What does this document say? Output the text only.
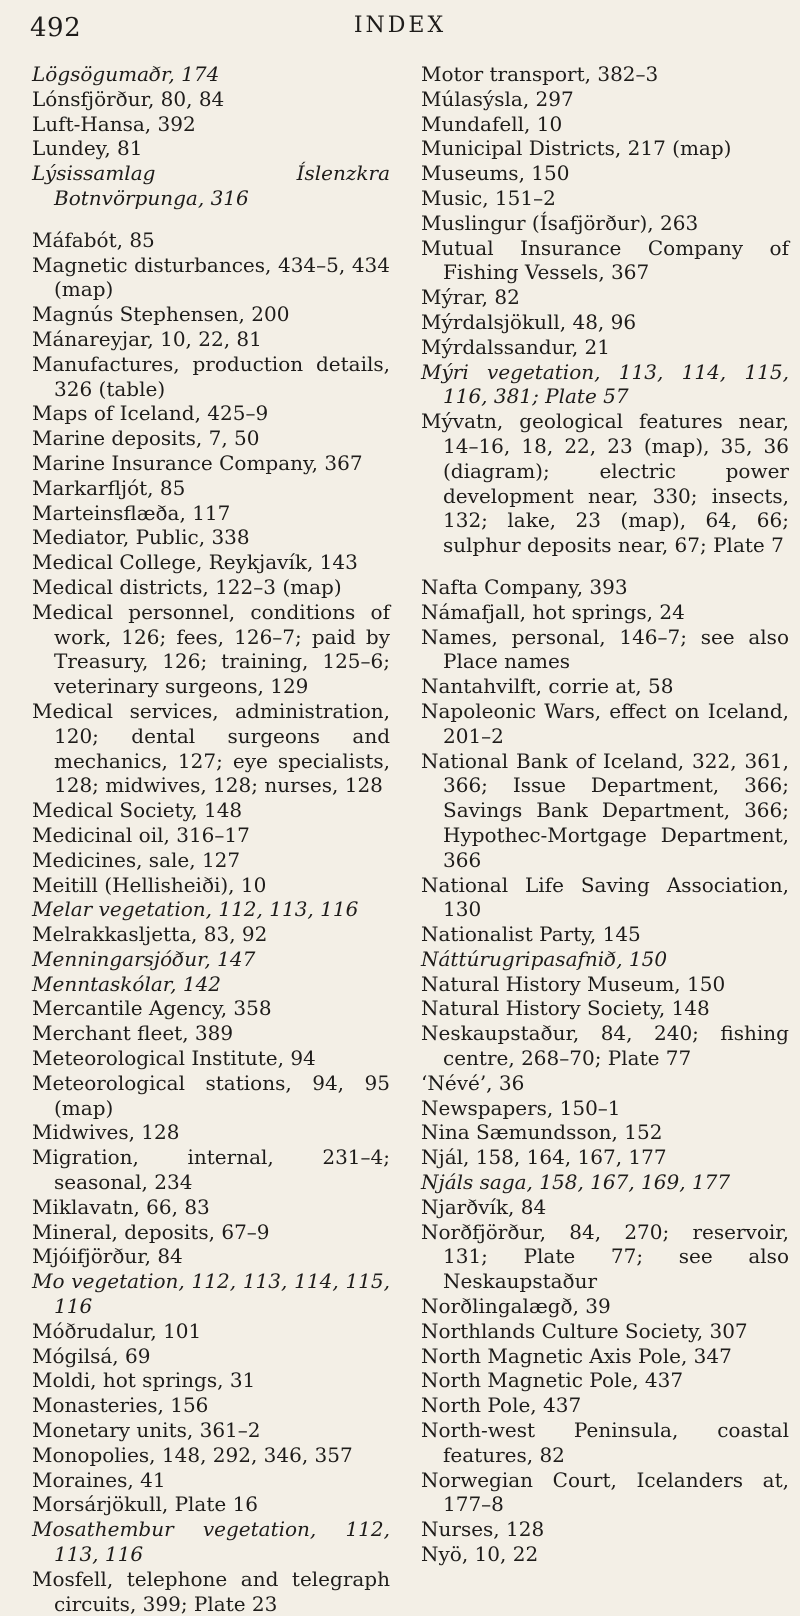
492	INDEX

Lögsögumaðr, 174

Lónsfjörður, 80, 84

Luft-Hansa, 392

Lundey, 81

Lýsissamlag Íslenzkra Botnvörpunga, 316

Máfabót, 85

Magnetic disturbances, 434–5, 434 (map)

Magnús Stephensen, 200

Mánareyjar, 10, 22, 81

Manufactures, production details, 326 (table)

Maps of Iceland, 425–9

Marine deposits, 7, 50

Marine Insurance Company, 367

Markarfljót, 85

Marteinsflæða, 117

Mediator, Public, 338

Medical College, Reykjavík, 143

Medical districts, 122–3 (map)

Medical personnel, conditions of work, 126; fees, 126–7; paid by Treasury, 126; training, 125–6; veterinary surgeons, 129

Medical services, administration, 120; dental surgeons and mechanics, 127; eye specialists, 128; midwives, 128; nurses, 128

Medical Society, 148

Medicinal oil, 316–17

Medicines, sale, 127

Meitill (Hellisheiði), 10

Melar vegetation, 112, 113, 116

Melrakkasljetta, 83, 92

Menningarsjóður, 147

Menntaskólar, 142

Mercantile Agency, 358

Merchant fleet, 389

Meteorological Institute, 94

Meteorological stations, 94, 95 (map)

Midwives, 128

Migration, internal, 231–4; seasonal, 234

Miklavatn, 66, 83

Mineral, deposits, 67–9

Mjóifjörður, 84

Mo vegetation, 112, 113, 114, 115, 116

Móðrudalur, 101

Mógilsá, 69

Moldi, hot springs, 31

Monasteries, 156

Monetary units, 361–2

Monopolies, 148, 292, 346, 357

Moraines, 41

Morsárjökull, Plate 16

Mosathembur vegetation, 112, 113, 116

Mosfell, telephone and telegraph circuits, 399; Plate 23

Motor transport, 382–3

Múlasýsla, 297

Mundafell, 10

Municipal Districts, 217 (map)

Museums, 150

Music, 151–2

Muslingur (Ísafjörður), 263

Mutual Insurance Company of Fishing Vessels, 367

Mýrar, 82

Mýrdalsjökull, 48, 96

Mýrdalssandur, 21

Mýri vegetation, 113, 114, 115, 116, 381; Plate 57

Mývatn, geological features near, 14–16, 18, 22, 23 (map), 35, 36 (diagram); electric power development near, 330; insects, 132; lake, 23 (map), 64, 66; sulphur deposits near, 67; Plate 7

Nafta Company, 393

Námafjall, hot springs, 24

Names, personal, 146–7; see also Place names

Nantahvilft, corrie at, 58

Napoleonic Wars, effect on Iceland, 201–2

National Bank of Iceland, 322, 361, 366; Issue Department, 366; Savings Bank Department, 366; Hypothec-Mortgage Department, 366

National Life Saving Association, 130

Nationalist Party, 145

Náttúrugripasafnið, 150

Natural History Museum, 150

Natural History Society, 148

Neskaupstaður, 84, 240; fishing centre, 268–70; Plate 77

‘Névé’, 36

Newspapers, 150–1

Nina Sæmundsson, 152

Njál, 158, 164, 167, 177

Njáls saga, 158, 167, 169, 177

Njarðvík, 84

Norðfjörður, 84, 270; reservoir, 131; Plate 77; see also Neskaupstaður

Norðlingalægð, 39

Northlands Culture Society, 307

North Magnetic Axis Pole, 347

North Magnetic Pole, 437

North Pole, 437

North-west Peninsula, coastal features, 82

Norwegian Court, Icelanders at, 177–8

Nurses, 128

Nyö, 10, 22
